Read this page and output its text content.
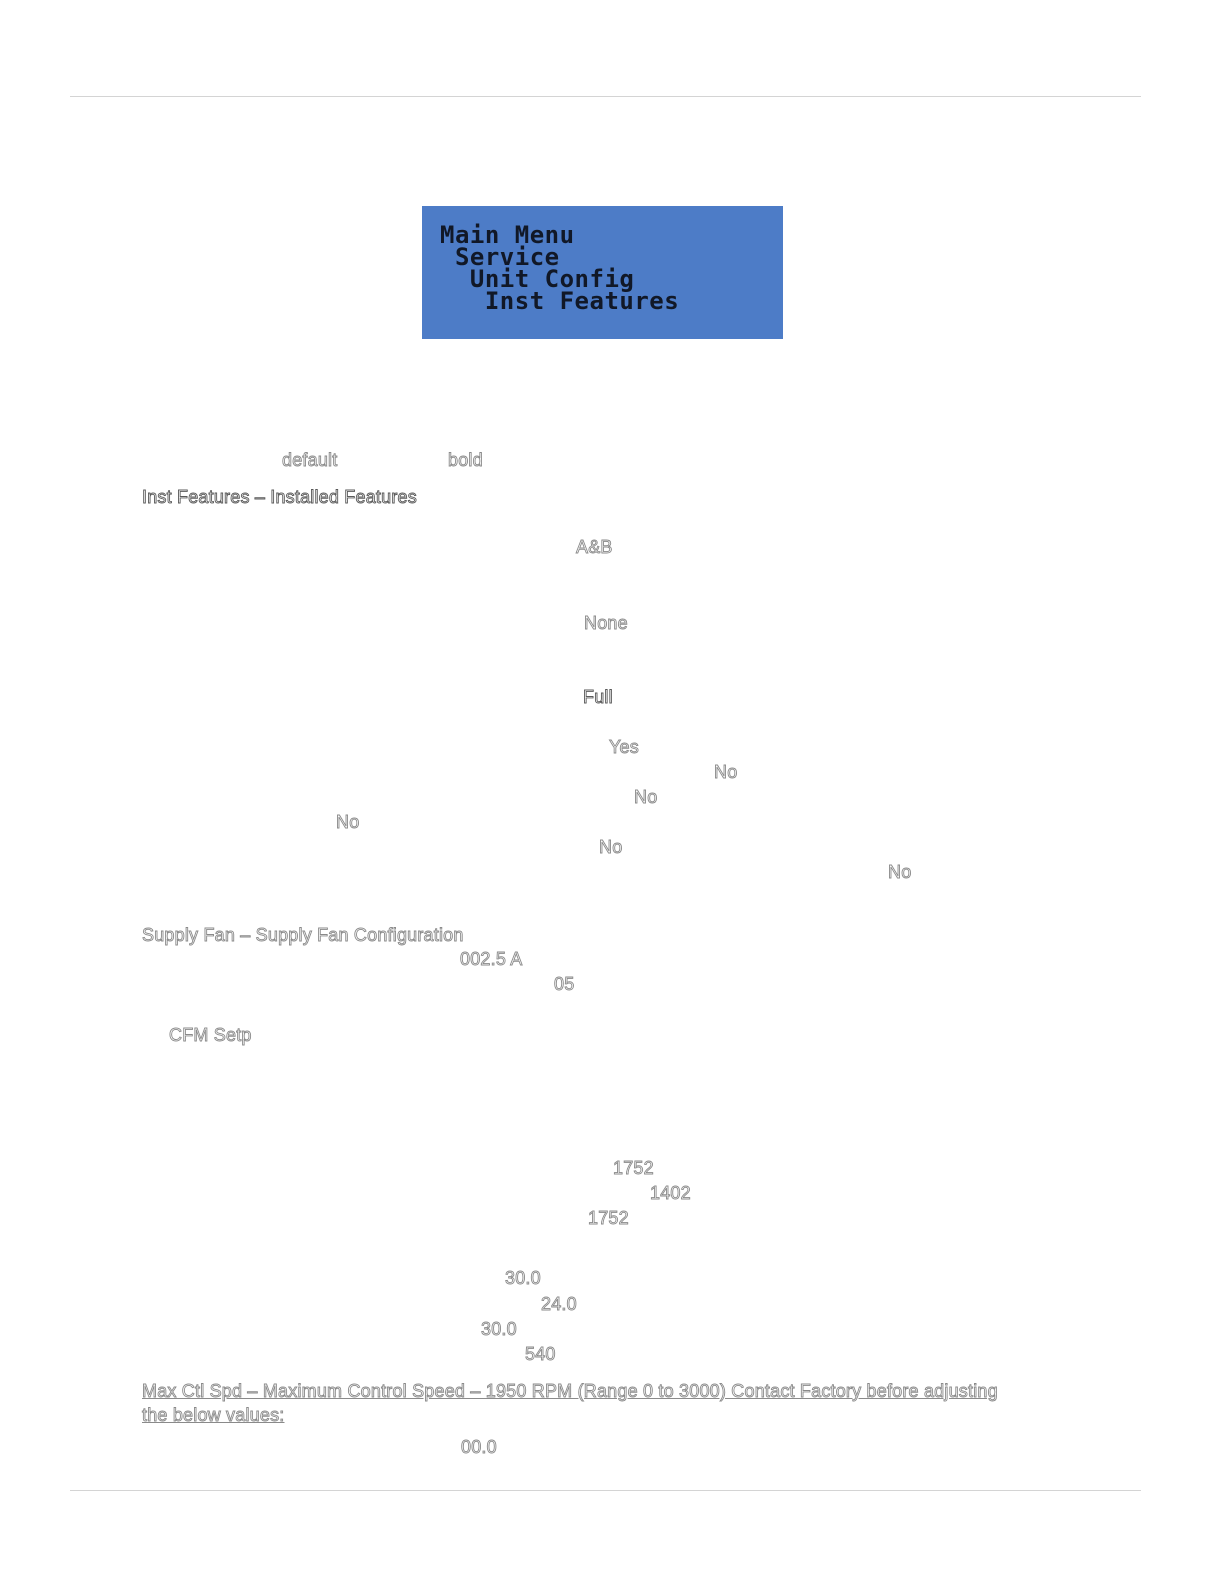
Main Menu
Service
Unit Config
Inst Features
default	bold
Inst Features – Installed Features
A&B
None
Full
Yes
No
No
No
No
No
Supply Fan – Supply Fan Configuration
002.5 A
05
CFM Setp
1752
1402
1752
30.0
24.0
30.0
540
Max Ctl Spd – Maximum Control Speed – 1950 RPM (Range 0 to 3000) Contact Factory before adjusting
the below values:
00.0
